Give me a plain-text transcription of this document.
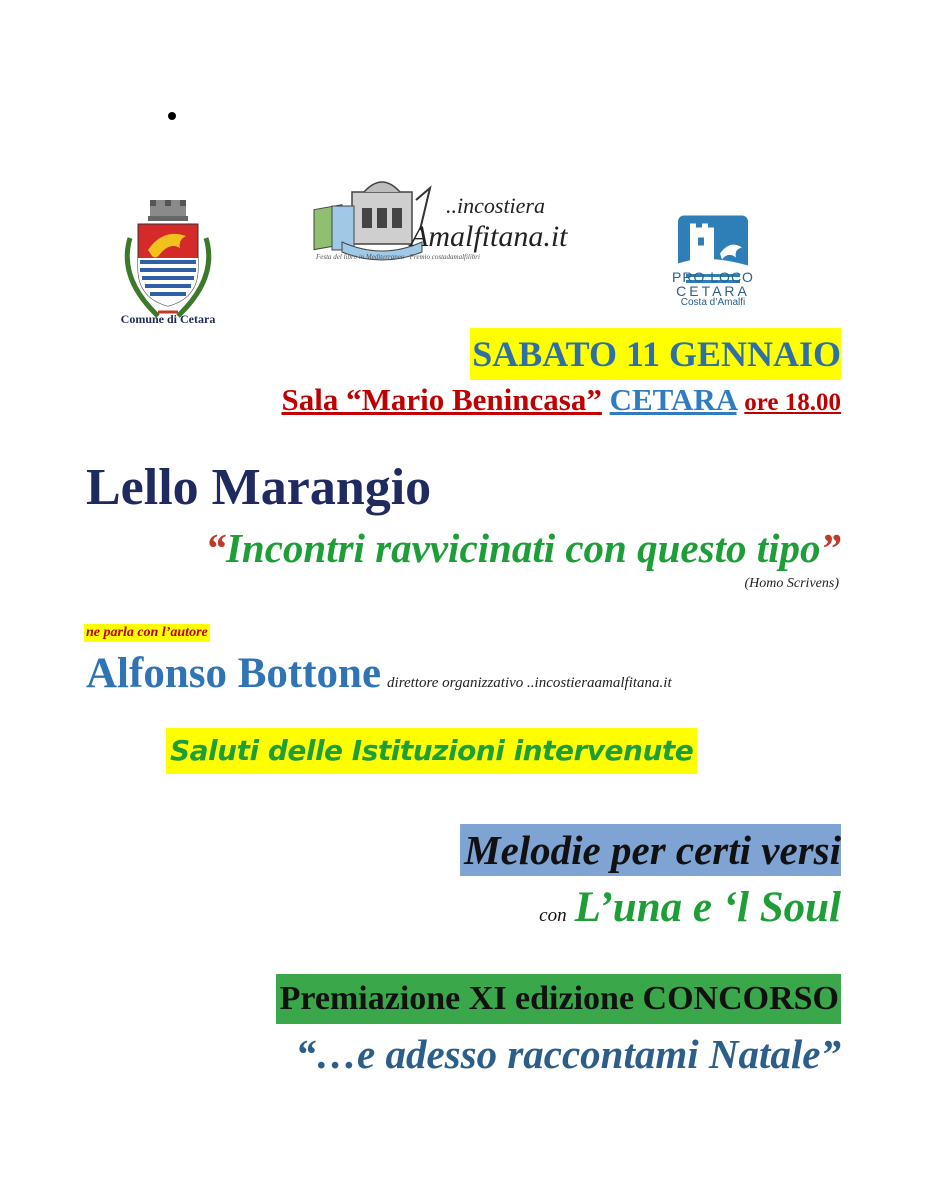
Comune di Cetara
..incostiera
Amalfitana.it
Festa del libro in Mediterraneo · Premio costadamalfilibri
PRO LOCO
CETARA
Costa d’Amalfi
SABATO 11 GENNAIO
Sala “Mario Benincasa” CETARA ore 18.00
Lello Marangio
“Incontri ravvicinati con questo tipo”
(Homo Scrivens)
ne parla con l’autore
Alfonso Bottone direttore organizzativo ..incostieraamalfitana.it
Saluti delle Istituzioni intervenute
Melodie per certi versi
con L’una e ‘l Soul
Premiazione XI edizione CONCORSO
“…e adesso raccontami Natale”
